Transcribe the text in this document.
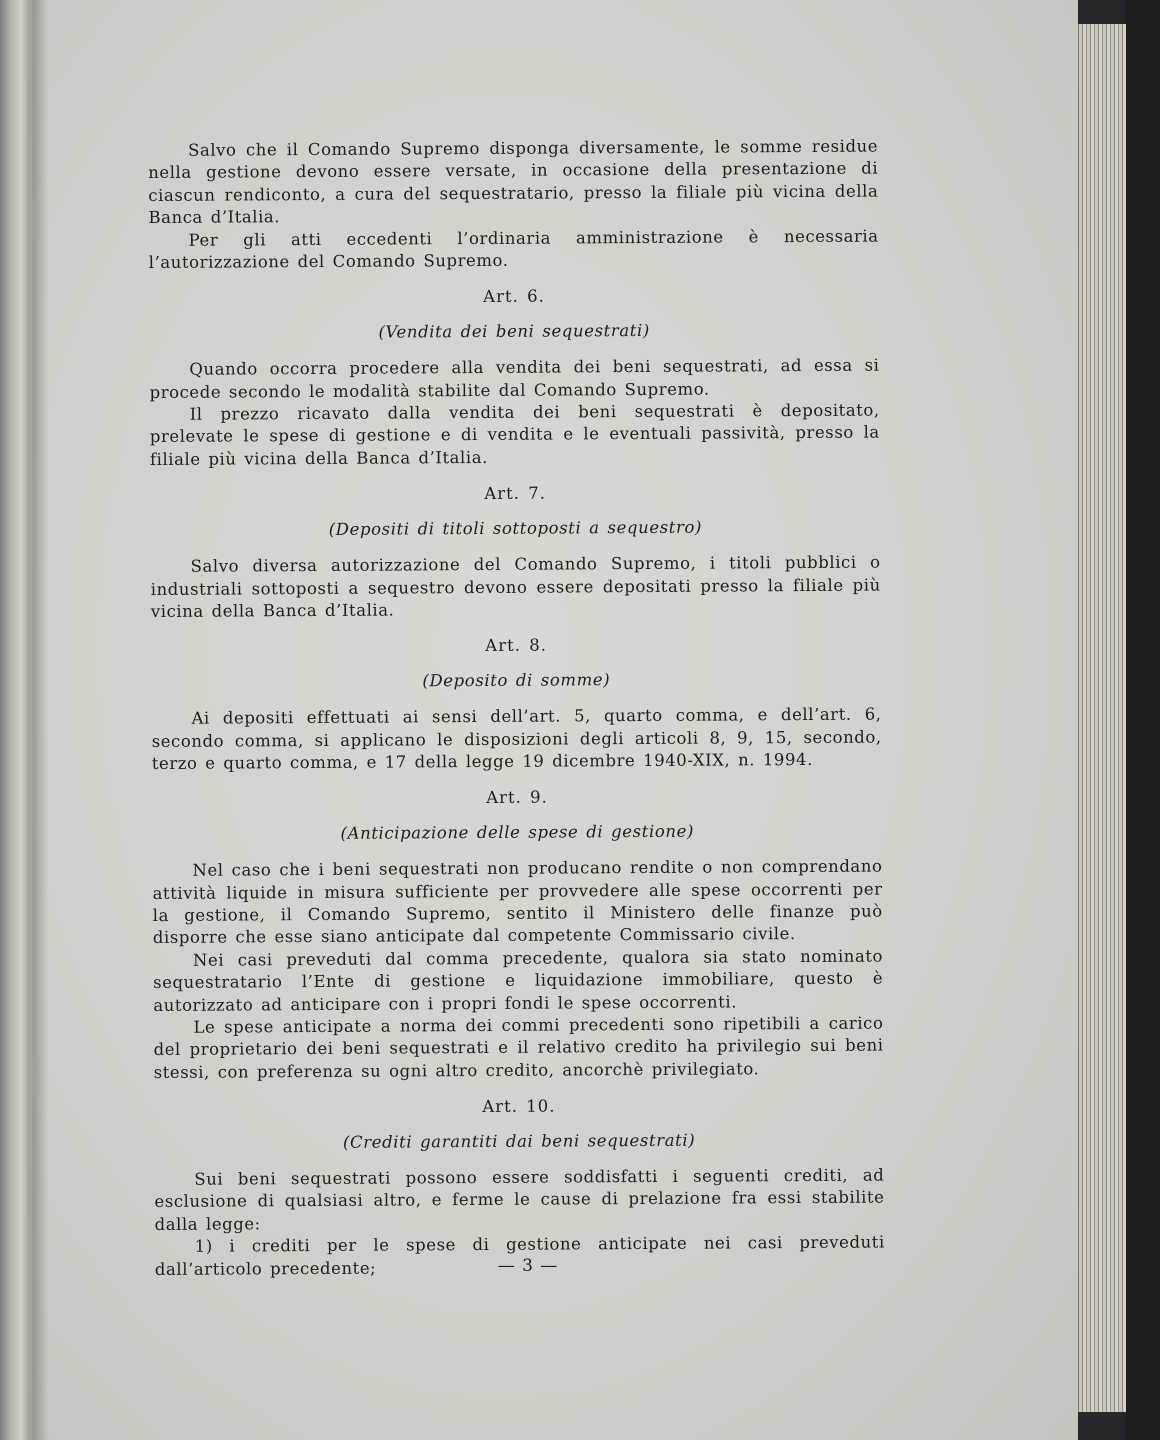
Salvo che il Comando Supremo disponga diversamente, le somme residue nella gestione devono essere versate, in occasione della presentazione di ciascun rendiconto, a cura del sequestratario, presso la filiale più vicina della Banca d’Italia.

Per gli atti eccedenti l’ordinaria amministrazione è necessaria l’autorizzazione del Comando Supremo.

Art. 6.
(Vendita dei beni sequestrati)

Quando occorra procedere alla vendita dei beni sequestrati, ad essa si procede secondo le modalità stabilite dal Comando Supremo.

Il prezzo ricavato dalla vendita dei beni sequestrati è depositato, prelevate le spese di gestione e di vendita e le eventuali passività, presso la filiale più vicina della Banca d’Italia.

Art. 7.
(Depositi di titoli sottoposti a sequestro)

Salvo diversa autorizzazione del Comando Supremo, i titoli pubblici o industriali sottoposti a sequestro devono essere depositati presso la filiale più vicina della Banca d’Italia.

Art. 8.
(Deposito di somme)

Ai depositi effettuati ai sensi dell’art. 5, quarto comma, e dell’art. 6, secondo comma, si applicano le disposizioni degli articoli 8, 9, 15, secondo, terzo e quarto comma, e 17 della legge 19 dicembre 1940-XIX, n. 1994.

Art. 9.
(Anticipazione delle spese di gestione)

Nel caso che i beni sequestrati non producano rendite o non comprendano attività liquide in misura sufficiente per provvedere alle spese occorrenti per la gestione, il Comando Supremo, sentito il Ministero delle finanze può disporre che esse siano anticipate dal competente Commissario civile.

Nei casi preveduti dal comma precedente, qualora sia stato nominato sequestratario l’Ente di gestione e liquidazione immobiliare, questo è autorizzato ad anticipare con i propri fondi le spese occorrenti.

Le spese anticipate a norma dei commi precedenti sono ripetibili a carico del proprietario dei beni sequestrati e il relativo credito ha privilegio sui beni stessi, con preferenza su ogni altro credito, ancorchè privilegiato.

Art. 10.
(Crediti garantiti dai beni sequestrati)

Sui beni sequestrati possono essere soddisfatti i seguenti crediti, ad esclusione di qualsiasi altro, e ferme le cause di prelazione fra essi stabilite dalla legge:

1) i crediti per le spese di gestione anticipate nei casi preveduti dall’articolo precedente;	— 3 —
